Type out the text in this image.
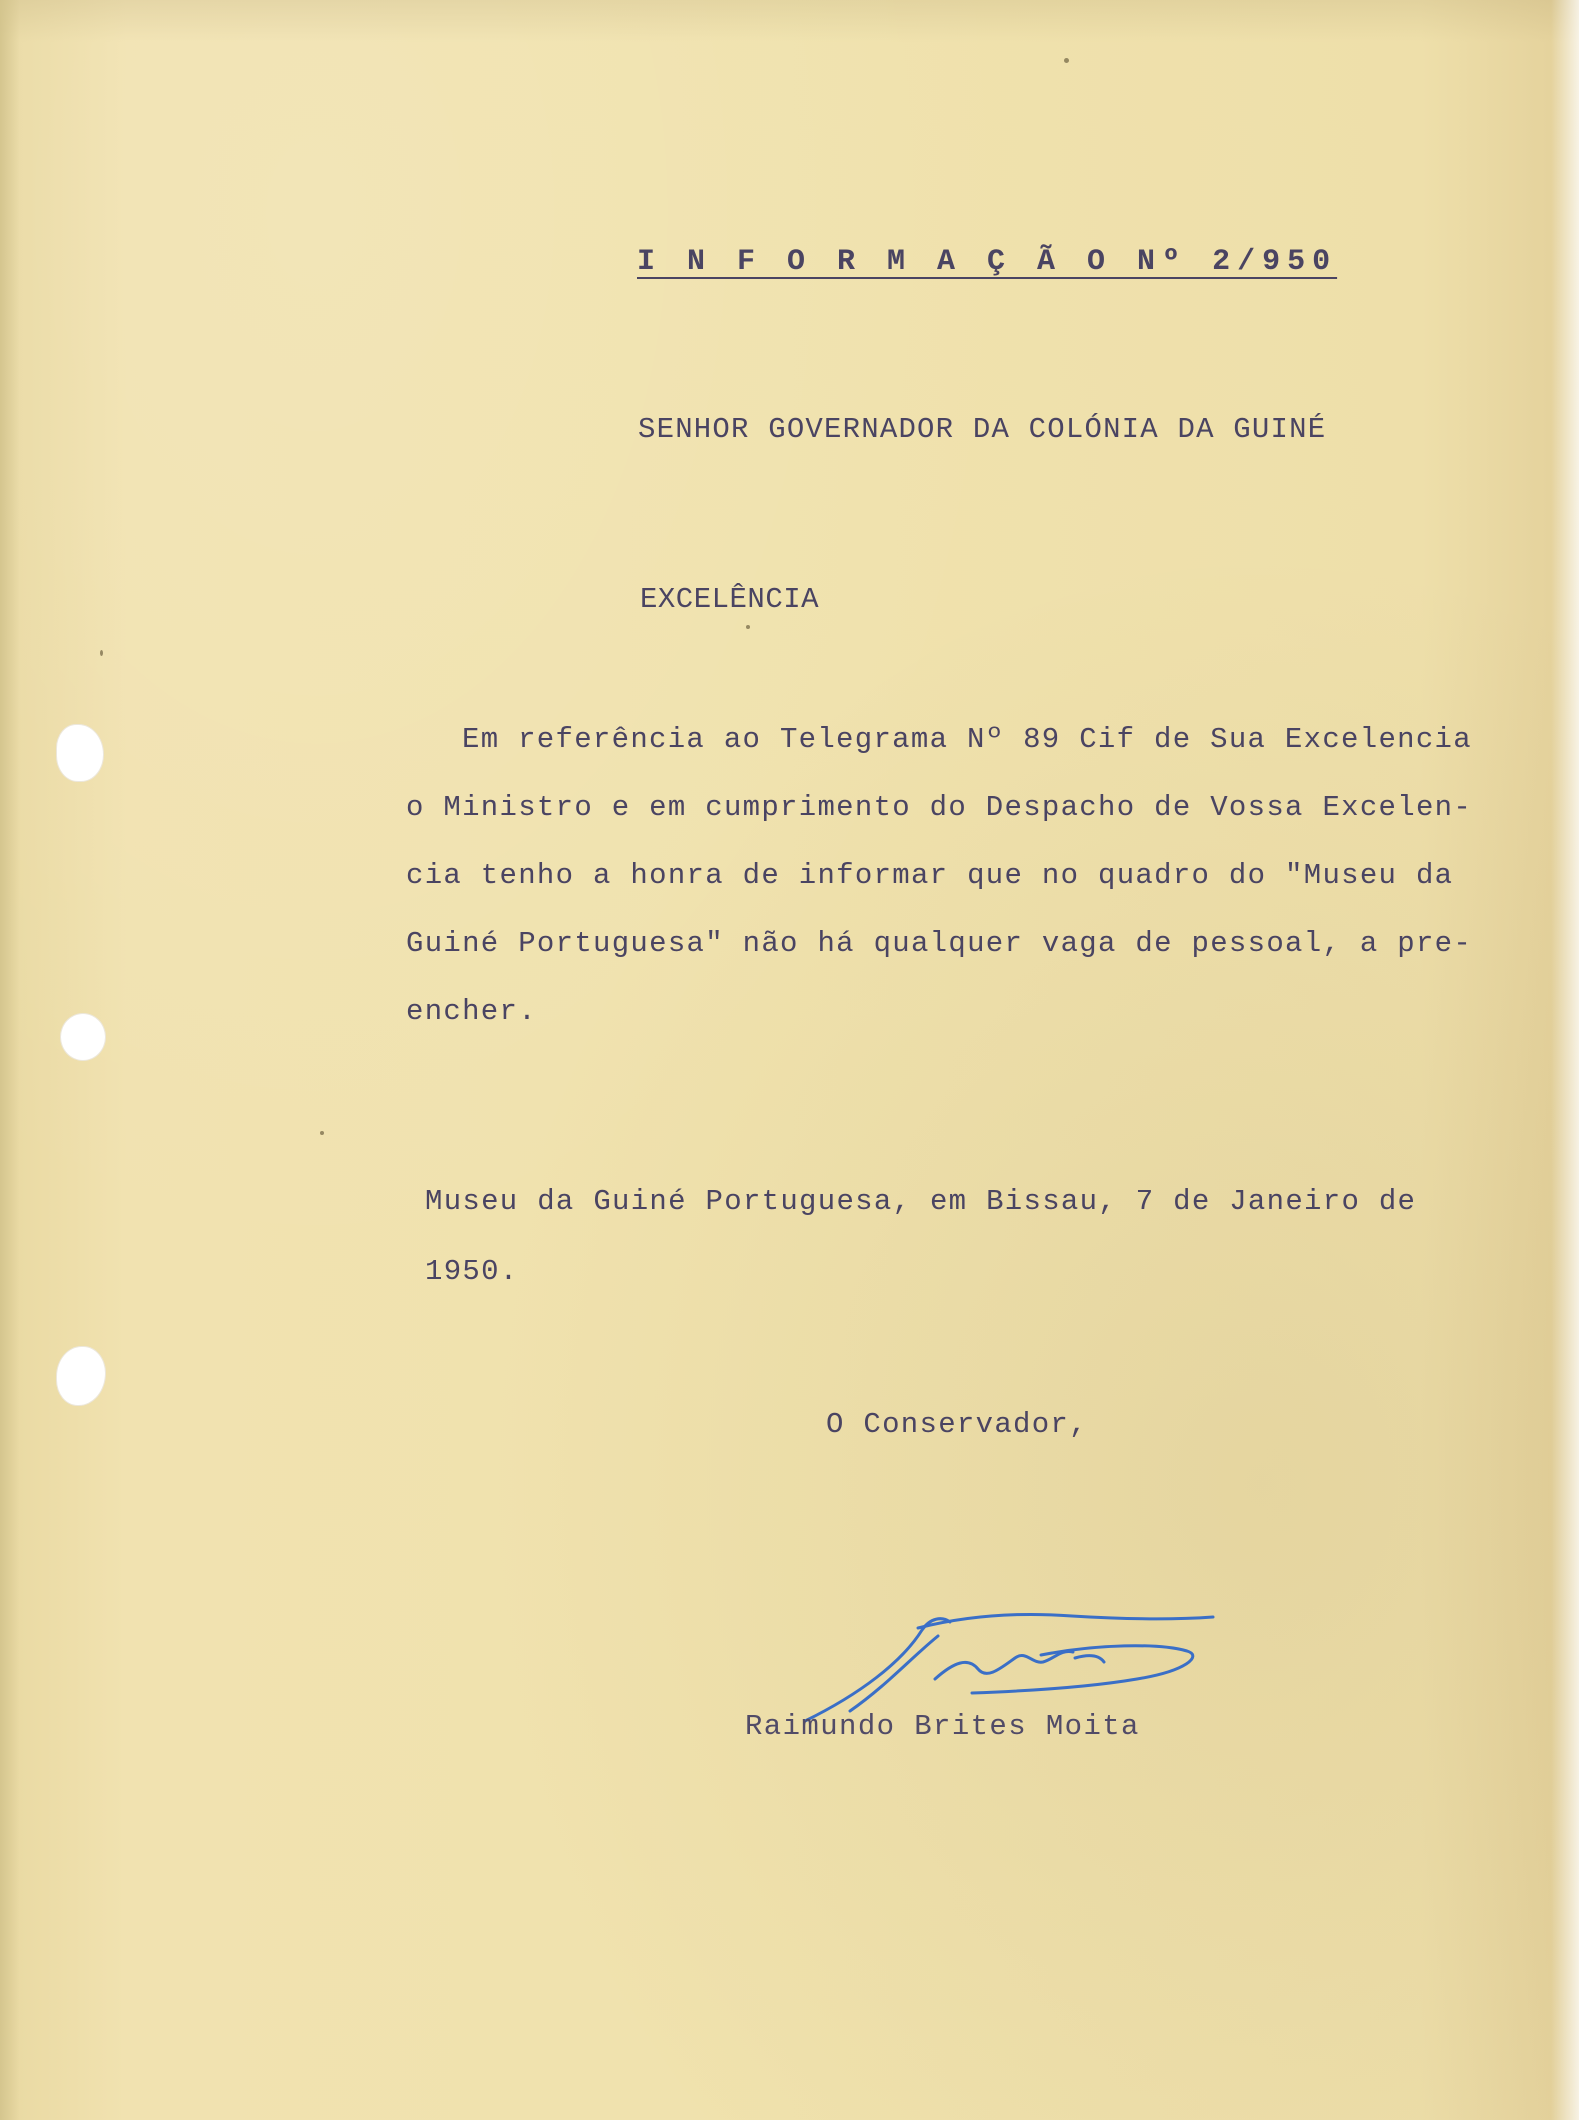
I N F O R M A Ç Ã O Nº 2/950

SENHOR GOVERNADOR DA COLÓNIA DA GUINÉ

EXCELÊNCIA

Em referência ao Telegrama Nº 89 Cif de Sua Excelencia
o Ministro e em cumprimento do Despacho de Vossa Excelen-
cia tenho a honra de informar que no quadro do "Museu da
Guiné Portuguesa" não há qualquer vaga de pessoal, a pre-
encher.
Museu da Guiné Portuguesa, em Bissau, 7 de Janeiro de
1950.

O Conservador,

Raimundo Brites Moita
